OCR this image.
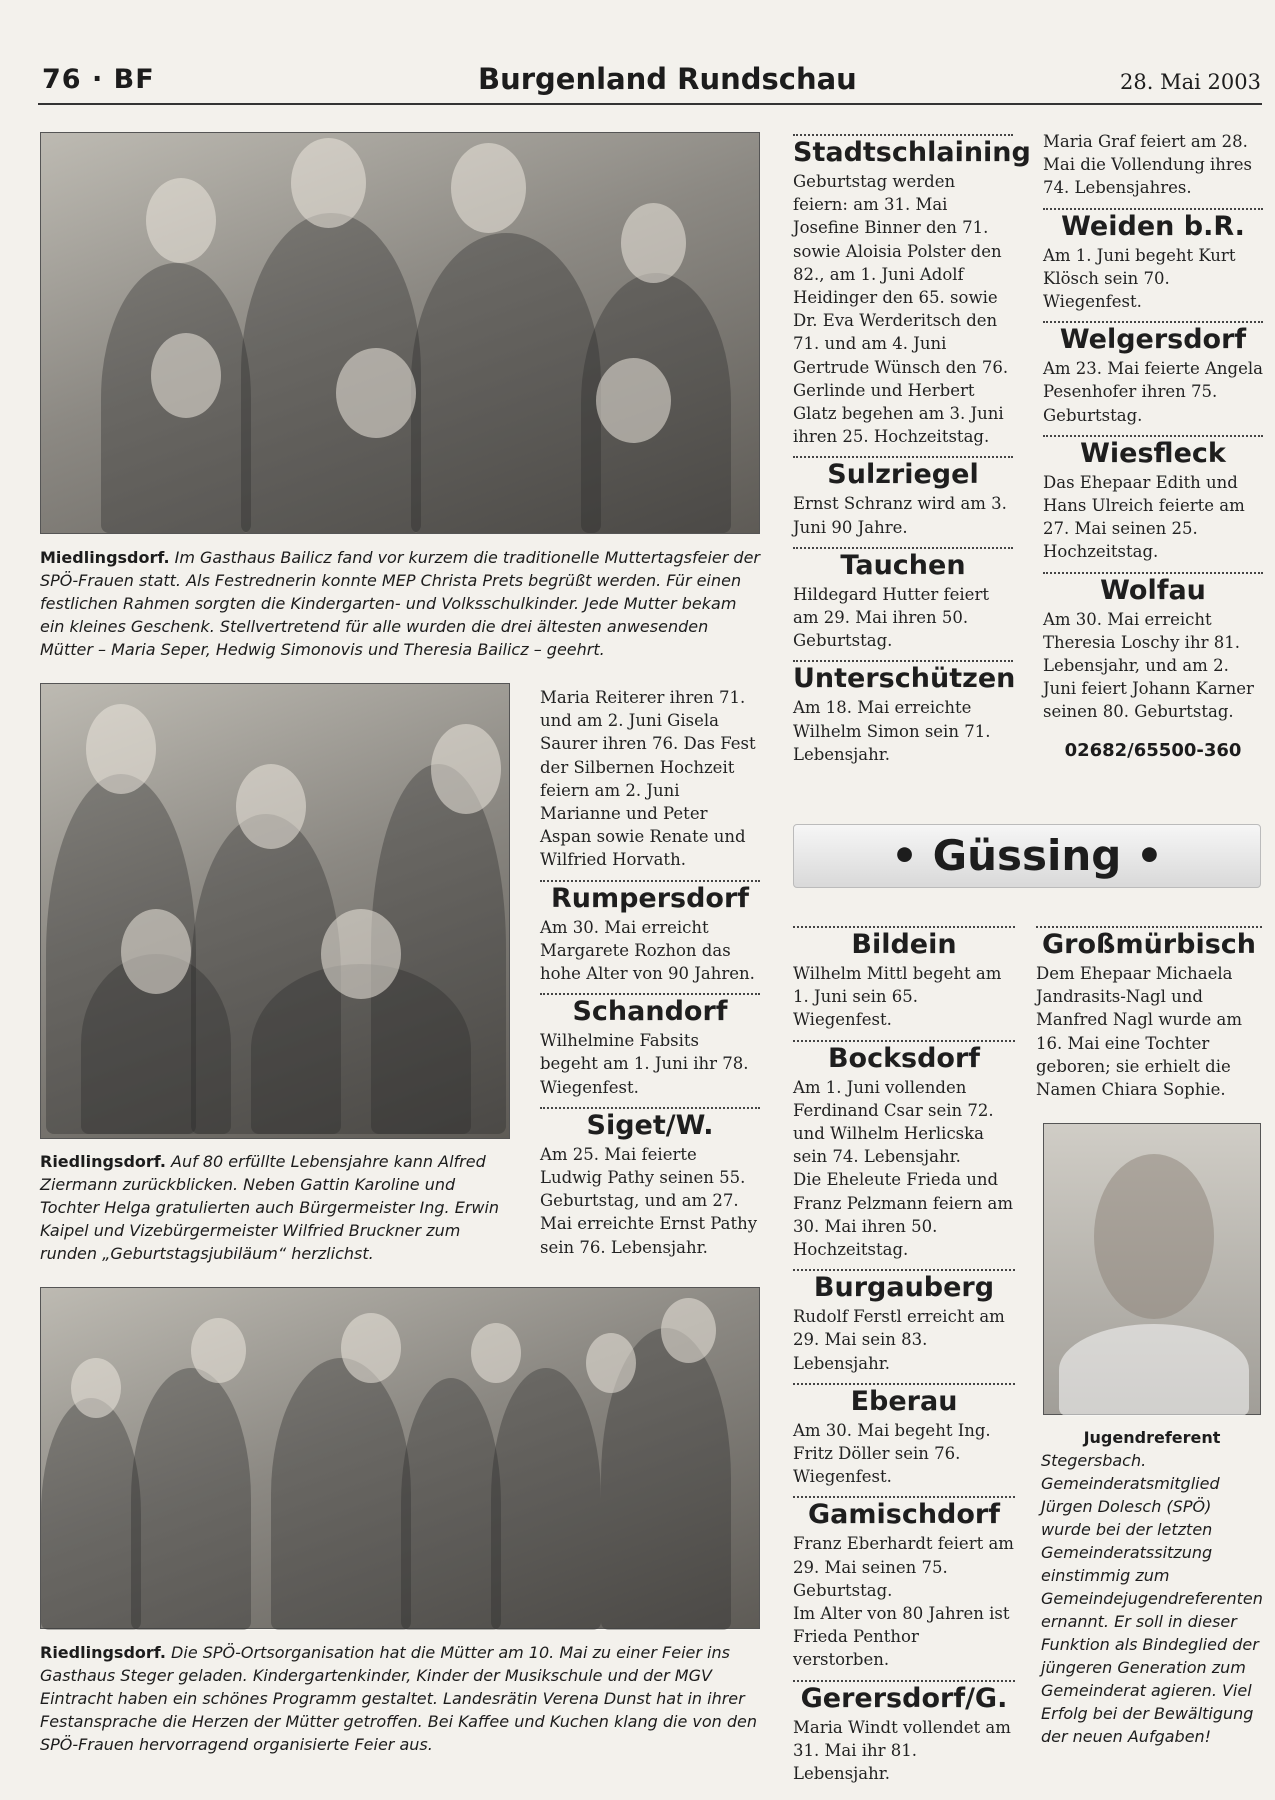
76 · BF	Burgenland Rundschau	28. Mai 2003
Miedlingsdorf. Im Gasthaus Bailicz fand vor kurzem die traditionelle Muttertagsfeier der SPÖ-Frauen statt. Als Festrednerin konnte MEP Christa Prets begrüßt werden. Für einen festlichen Rahmen sorgten die Kindergarten- und Volksschulkinder. Jede Mutter bekam ein kleines Geschenk. Stellvertretend für alle wurden die drei ältesten anwesenden Mütter – Maria Seper, Hedwig Simonovis und Theresia Bailicz – geehrt.
Riedlingsdorf. Auf 80 erfüllte Lebensjahre kann Alfred Ziermann zurückblicken. Neben Gattin Karoline und Tochter Helga gratulierten auch Bürgermeister Ing. Erwin Kaipel und Vizebürgermeister Wilfried Bruckner zum runden „Geburtstagsjubiläum“ herzlichst.
Riedlingsdorf. Die SPÖ-Ortsorganisation hat die Mütter am 10. Mai zu einer Feier ins Gasthaus Steger geladen. Kindergartenkinder, Kinder der Musikschule und der MGV Eintracht haben ein schönes Programm gestaltet. Landesrätin Verena Dunst hat in ihrer Festansprache die Herzen der Mütter getroffen. Bei Kaffee und Kuchen klang die von den SPÖ-Frauen hervorragend organisierte Feier aus.

Maria Reiterer ihren 71. und am 2. Juni Gisela Saurer ihren 76. Das Fest der Silbernen Hochzeit feiern am 2. Juni Marianne und Peter Aspan sowie Renate und Wilfried Horvath.

Rumpersdorf

Am 30. Mai erreicht Margarete Rozhon das hohe Alter von 90 Jahren.

Schandorf

Wilhelmine Fabsits begeht am 1. Juni ihr 78. Wiegenfest.

Siget/W.

Am 25. Mai feierte Ludwig Pathy seinen 55. Geburtstag, und am 27. Mai erreichte Ernst Pathy sein 76. Lebensjahr.

Stadtschlaining

Geburtstag werden feiern: am 31. Mai Josefine Binner den 71. sowie Aloisia Polster den 82., am 1. Juni Adolf Heidinger den 65. sowie Dr. Eva Werderitsch den 71. und am 4. Juni Gertrude Wünsch den 76.

Gerlinde und Herbert Glatz begehen am 3. Juni ihren 25. Hochzeitstag.

Sulzriegel

Ernst Schranz wird am 3. Juni 90 Jahre.

Tauchen

Hildegard Hutter feiert am 29. Mai ihren 50. Geburtstag.

Unterschützen

Am 18. Mai erreichte Wilhelm Simon sein 71. Lebensjahr.

Maria Graf feiert am 28. Mai die Vollendung ihres 74. Lebensjahres.

Weiden b.R.

Am 1. Juni begeht Kurt Klösch sein 70. Wiegenfest.

Welgersdorf

Am 23. Mai feierte Angela Pesenhofer ihren 75. Geburtstag.

Wiesfleck

Das Ehepaar Edith und Hans Ulreich feierte am 27. Mai seinen 25. Hochzeitstag.

Wolfau

Am 30. Mai erreicht Theresia Loschy ihr 81. Lebensjahr, und am 2. Juni feiert Johann Karner seinen 80. Geburtstag.

02682/65500-360
• Güssing •
Bildein

Wilhelm Mittl begeht am 1. Juni sein 65. Wiegenfest.

Bocksdorf

Am 1. Juni vollenden Ferdinand Csar sein 72. und Wilhelm Herlicska sein 74. Lebensjahr.

Die Eheleute Frieda und Franz Pelzmann feiern am 30. Mai ihren 50. Hochzeitstag.

Burgauberg

Rudolf Ferstl erreicht am 29. Mai sein 83. Lebensjahr.

Eberau

Am 30. Mai begeht Ing. Fritz Döller sein 76. Wiegenfest.

Gamischdorf

Franz Eberhardt feiert am 29. Mai seinen 75. Geburtstag.

Im Alter von 80 Jahren ist Frieda Penthor verstorben.

Gerersdorf/G.

Maria Windt vollendet am 31. Mai ihr 81. Lebensjahr.

Großmürbisch

Dem Ehepaar Michaela Jandrasits-Nagl und Manfred Nagl wurde am 16. Mai eine Tochter geboren; sie erhielt die Namen Chiara Sophie.

Jugendreferent

Stegersbach. Gemeinderatsmitglied Jürgen Dolesch (SPÖ) wurde bei der letzten Gemeinderatssitzung einstimmig zum Gemeindejugendreferenten ernannt. Er soll in dieser Funktion als Bindeglied der jüngeren Generation zum Gemeinderat agieren. Viel Erfolg bei der Bewältigung der neuen Aufgaben!
